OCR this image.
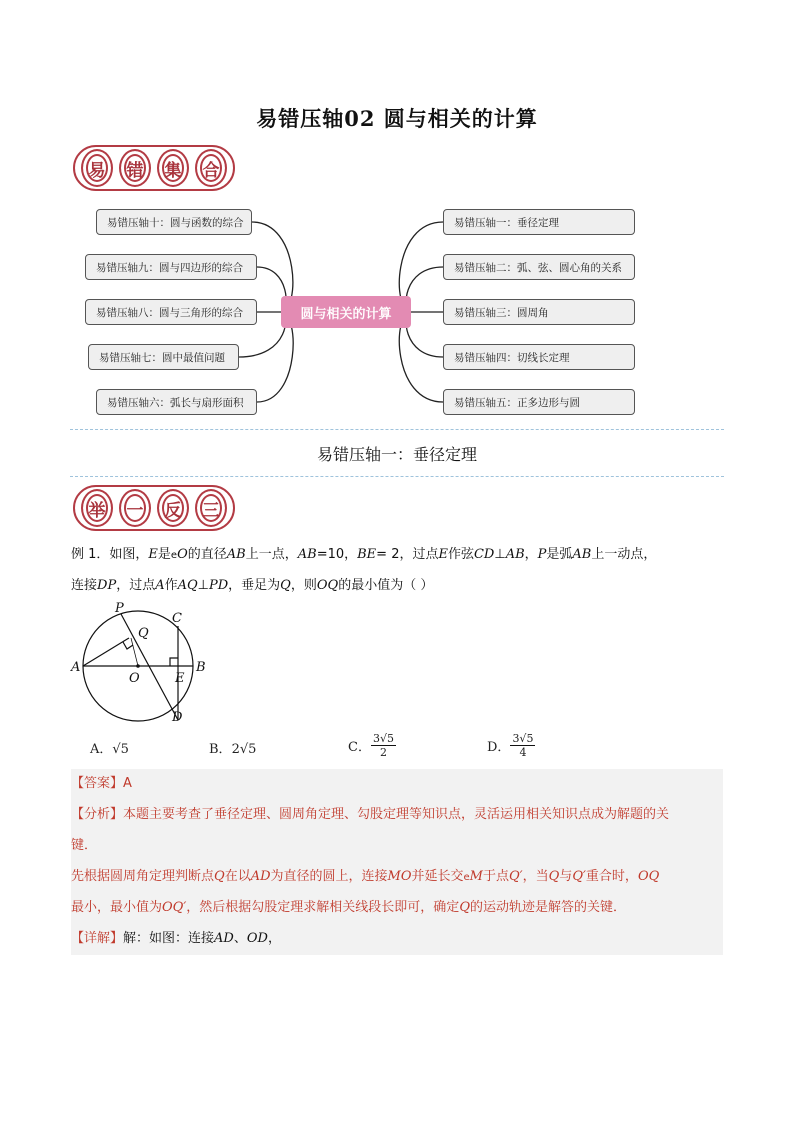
易错压轴02 圆与相关的计算
易	错	集	合
易错压轴十：圆与函数的综合
易错压轴九：圆与四边形的综合
易错压轴八：圆与三角形的综合
易错压轴七：圆中最值问题
易错压轴六：弧长与扇形面积
圆与相关的计算
易错压轴一：垂径定理
易错压轴二：弧、弦、圆心角的关系
易错压轴三：圆周角
易错压轴四：切线长定理
易错压轴五：正多边形与圆
易错压轴一：垂径定理
举	一	反	三
例 1．如图，E是eO的直径AB上一点，AB=10，BE= 2，过点E作弦CD⊥AB，P是弧AB上一动点，
连接DP，过点A作AQ⊥PD，垂足为Q，则OQ的最小值为（ ）
P
Q
C
A
O	E
B
D
A．√5	B．2√5	C． $\frac{3√5}{2}$	D． $\frac{3√5}{4}$
【答案】A
【分析】本题主要考查了垂径定理、圆周角定理、勾股定理等知识点，灵活运用相关知识点成为解题的关
键．
先根据圆周角定理判断点Q在以AD为直径的圆上，连接MO并延长交eM于点Q′，当Q与Q′重合时，OQ
最小，最小值为OQ′，然后根据勾股定理求解相关线段长即可，确定Q的运动轨迹是解答的关键．
【详解】解：如图：连接AD、OD，
